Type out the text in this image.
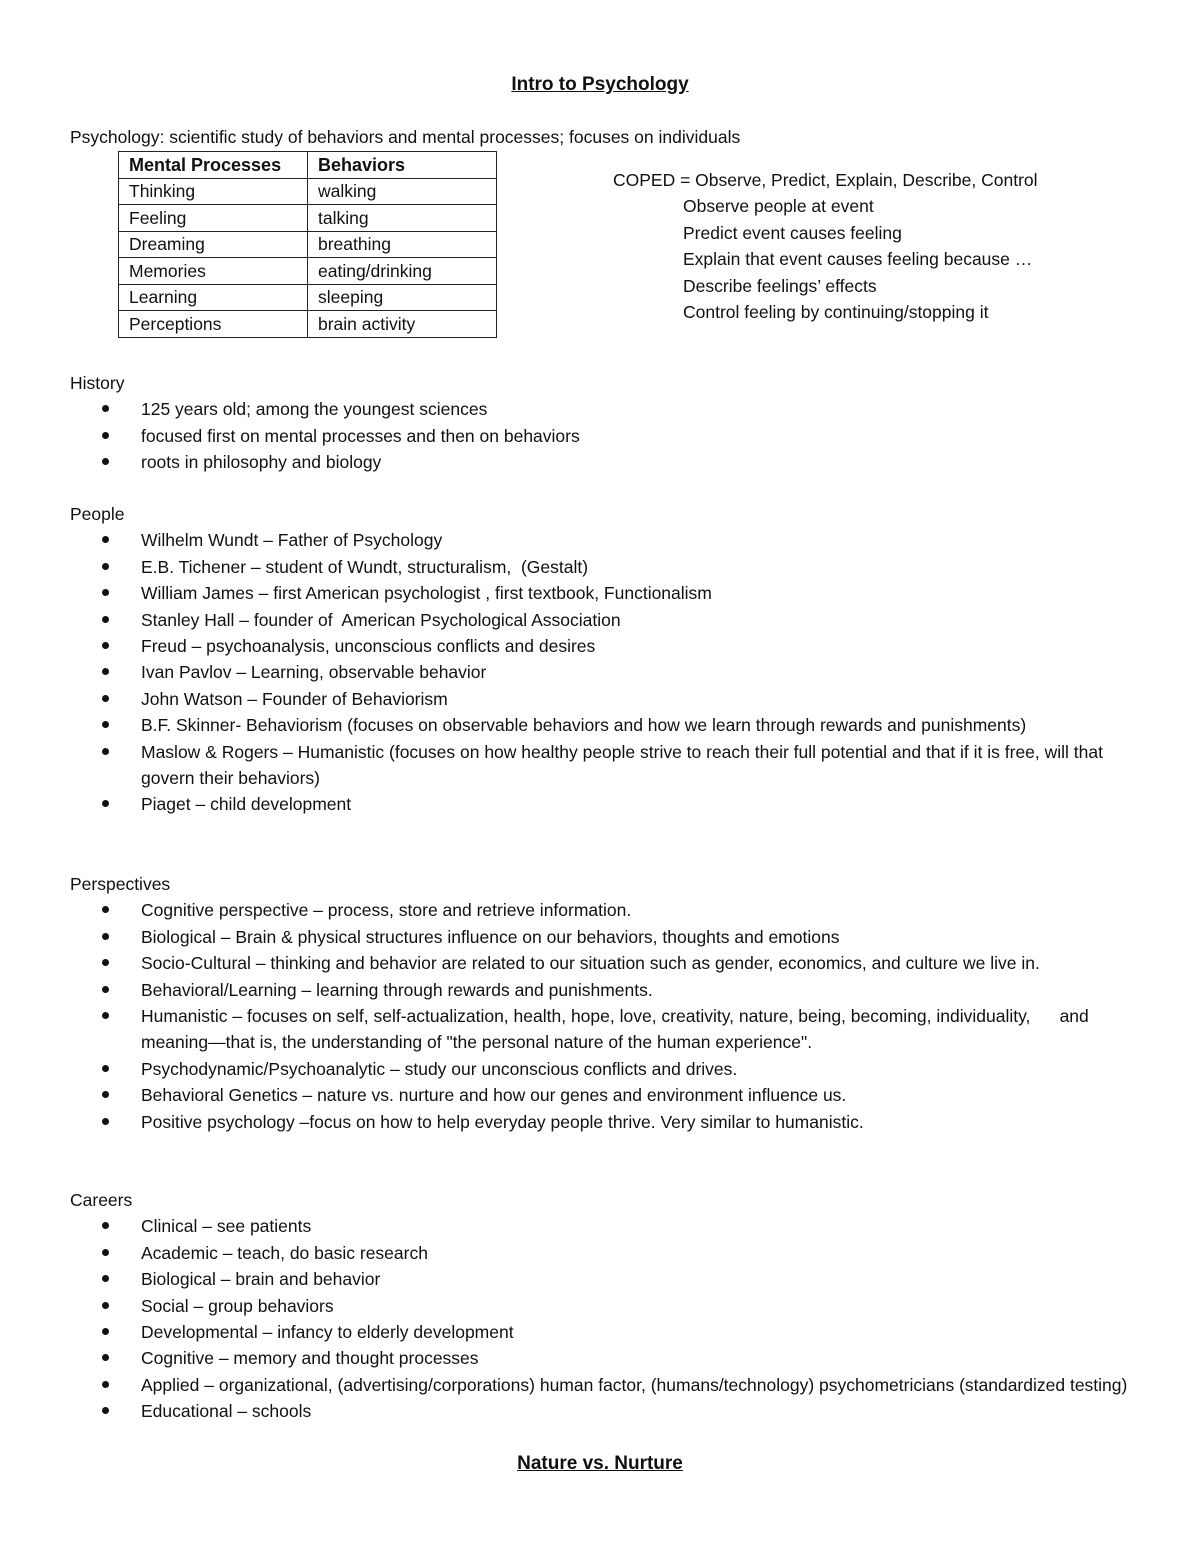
Intro to Psychology
Psychology: scientific study of behaviors and mental processes; focuses on individuals
Mental Processes	Behaviors
Thinking	walking
Feeling	talking
Dreaming	breathing
Memories	eating/drinking
Learning	sleeping
Perceptions	brain activity
COPED = Observe, Predict, Explain, Describe, Control
Observe people at event
Predict event causes feeling
Explain that event causes feeling because …
Describe feelings’ effects
Control feeling by continuing/stopping it
History
125 years old; among the youngest sciences
focused first on mental processes and then on behaviors
roots in philosophy and biology
People
Wilhelm Wundt – Father of Psychology
E.B. Tichener – student of Wundt, structuralism,  (Gestalt)
William James – first American psychologist , first textbook, Functionalism
Stanley Hall – founder of  American Psychological Association
Freud – psychoanalysis, unconscious conflicts and desires
Ivan Pavlov – Learning, observable behavior
John Watson – Founder of Behaviorism
B.F. Skinner- Behaviorism (focuses on observable behaviors and how we learn through rewards and punishments)
Maslow & Rogers – Humanistic (focuses on how healthy people strive to reach their full potential and that if it is free, will that govern their behaviors)
Piaget – child development
Perspectives
Cognitive perspective – process, store and retrieve information.
Biological – Brain & physical structures influence on our behaviors, thoughts and emotions
Socio-Cultural – thinking and behavior are related to our situation such as gender, economics, and culture we live in.
Behavioral/Learning – learning through rewards and punishments.
Humanistic – focuses on self, self-actualization, health, hope, love, creativity, nature, being, becoming, individuality,      and meaning—that is, the understanding of "the personal nature of the human experience".
Psychodynamic/Psychoanalytic – study our unconscious conflicts and drives.
Behavioral Genetics – nature vs. nurture and how our genes and environment influence us.
Positive psychology –focus on how to help everyday people thrive. Very similar to humanistic.
Careers
Clinical – see patients
Academic – teach, do basic research
Biological – brain and behavior
Social – group behaviors
Developmental – infancy to elderly development
Cognitive – memory and thought processes
Applied – organizational, (advertising/corporations) human factor, (humans/technology) psychometricians (standardized testing)
Educational – schools
Nature vs. Nurture
